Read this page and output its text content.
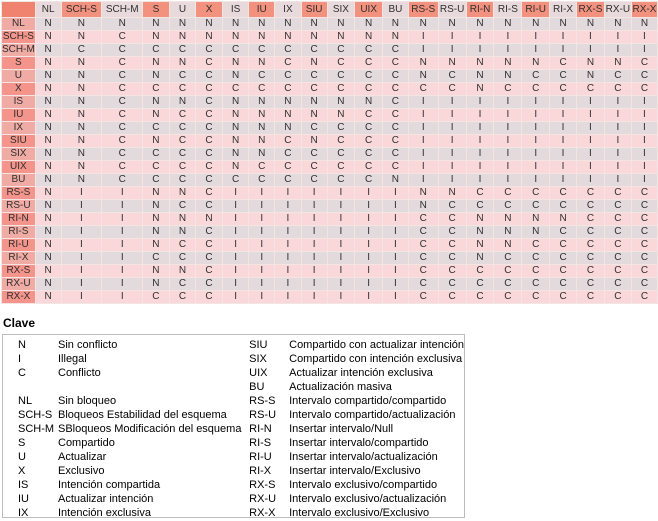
	NL	SCH-S	SCH-M	S	U	X	IS	IU	IX	SIU	SIX	UIX	BU	RS-S	RS-U	RI-N	RI-S	RI-U	RI-X	RX-S	RX-U	RX-X
NL	N	N	N	N	N	N	N	N	N	N	N	N	N	N	N	N	N	N	N	N	N	N
SCH-S	N	N	C	N	N	N	N	N	N	N	N	N	N	I	I	I	I	I	I	I	I	I
SCH-M	N	C	C	C	C	C	C	C	C	C	C	C	C	I	I	I	I	I	I	I	I	I
S	N	N	C	N	N	C	N	N	C	N	C	C	C	N	N	N	N	N	C	N	N	C
U	N	N	C	N	C	C	N	C	C	C	C	C	C	N	C	N	N	C	C	N	C	C
X	N	N	C	C	C	C	C	C	C	C	C	C	C	C	C	N	C	C	C	C	C	C
IS	N	N	C	N	N	C	N	N	N	N	N	N	C	I	I	I	I	I	I	I	I	I
IU	N	N	C	N	C	C	N	N	N	N	N	C	C	I	I	I	I	I	I	I	I	I
IX	N	N	C	C	C	C	N	N	N	C	C	C	C	I	I	I	I	I	I	I	I	I
SIU	N	N	C	N	C	C	N	N	C	N	C	C	C	I	I	I	I	I	I	I	I	I
SIX	N	N	C	C	C	C	N	N	C	C	C	C	C	I	I	I	I	I	I	I	I	I
UIX	N	N	C	C	C	C	N	C	C	C	C	C	C	I	I	I	I	I	I	I	I	I
BU	N	N	C	C	C	C	C	C	C	C	C	C	N	I	I	I	I	I	I	I	I	I
RS-S	N	I	I	N	N	C	I	I	I	I	I	I	I	N	N	C	C	C	C	C	C	C
RS-U	N	I	I	N	C	C	I	I	I	I	I	I	I	N	C	C	C	C	C	C	C	C
RI-N	N	I	I	N	N	N	I	I	I	I	I	I	I	C	C	N	N	N	N	C	C	C
RI-S	N	I	I	N	N	C	I	I	I	I	I	I	I	C	C	N	N	N	C	C	C	C
RI-U	N	I	I	N	C	C	I	I	I	I	I	I	I	C	C	N	N	C	C	C	C	C
RI-X	N	I	I	C	C	C	I	I	I	I	I	I	I	C	C	N	C	C	C	C	C	C
RX-S	N	I	I	N	N	C	I	I	I	I	I	I	I	C	C	C	C	C	C	C	C	C
RX-U	N	I	I	N	C	C	I	I	I	I	I	I	I	C	C	C	C	C	C	C	C	C
RX-X	N	I	I	C	C	C	I	I	I	I	I	I	I	C	C	C	C	C	C	C	C	C
Clave
N	Sin conflicto
I	Illegal
C	Conflicto
NL Sin bloqueo
SCH-S Bloqueos Estabilidad del esquema
SCH-M SBloqueos Modificación del esquema
S	Compartido
U	Actualizar
X	Exclusivo
IS	Intención compartida
IU	Actualizar intención
IX	Intención exclusiva
SIU Compartido con actualizar intención
SIX Compartido con intención exclusiva
UIX Actualizar intención exclusiva
BU Actualización masiva
RS-S Intervalo compartido/compartido
RS-U Intervalo compartido/actualización
RI-N Insertar intervalo/Null
RI-S Insertar intervalo/compartido
RI-U Insertar intervalo/actualización
RI-X Insertar intervalo/Exclusivo
RX-S Intervalo exclusivo/compartido
RX-U Intervalo exclusivo/actualización
RX-X Intervalo exclusivo/Exclusivo
